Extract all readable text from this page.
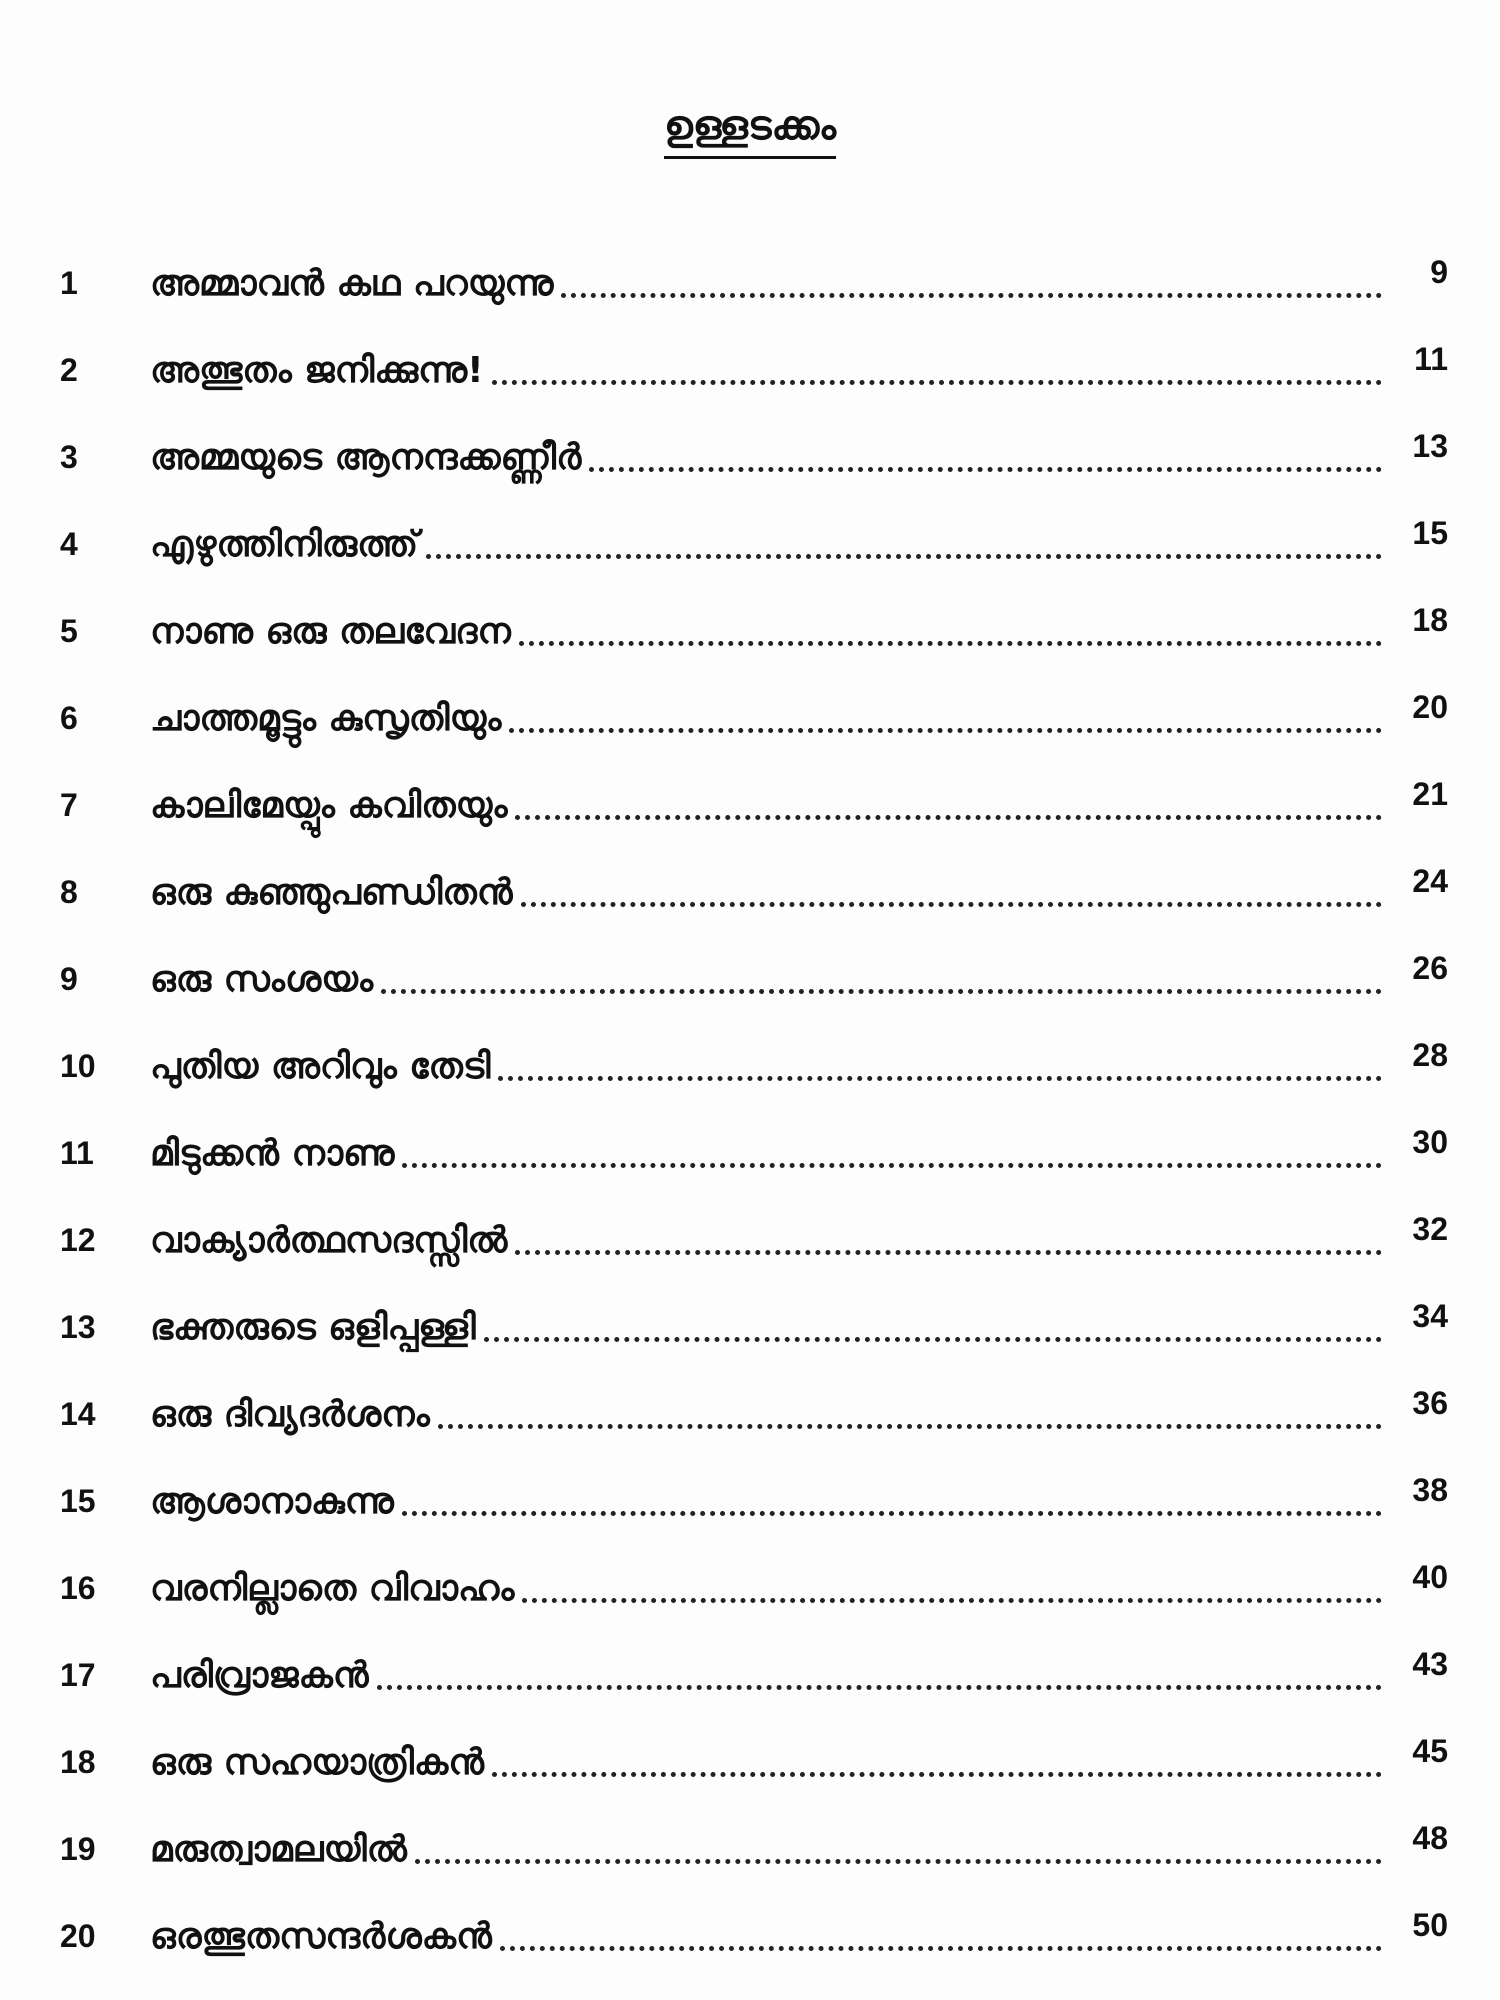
ഉള്ളടക്കം
1	അമ്മാവൻ കഥ പറയുന്നു	9
2	അത്ഭുതം ജനിക്കുന്നു!	11
3	അമ്മയുടെ ആനന്ദക്കണ്ണീർ	13
4	എഴുത്തിനിരുത്ത്	15
5	നാണു ഒരു തലവേദന	18
6	ചാത്തമൂട്ടും കുസൃതിയും	20
7	കാലിമേയ്പും കവിതയും	21
8	ഒരു കുഞ്ഞുപണ്ഡിതൻ	24
9	ഒരു സംശയം	26
10	പുതിയ അറിവും തേടി	28
11	മിടുക്കൻ നാണു	30
12	വാക്യാർത്ഥസദസ്സിൽ	32
13	ഭക്തരുടെ ഒളിപ്പള്ളി	34
14	ഒരു ദിവ്യദർശനം	36
15	ആശാനാകുന്നു	38
16	വരനില്ലാതെ വിവാഹം	40
17	പരിവ്രാജകൻ	43
18	ഒരു സഹയാത്രികൻ	45
19	മരുത്വാമലയിൽ	48
20	ഒരത്ഭുതസന്ദർശകൻ	50
